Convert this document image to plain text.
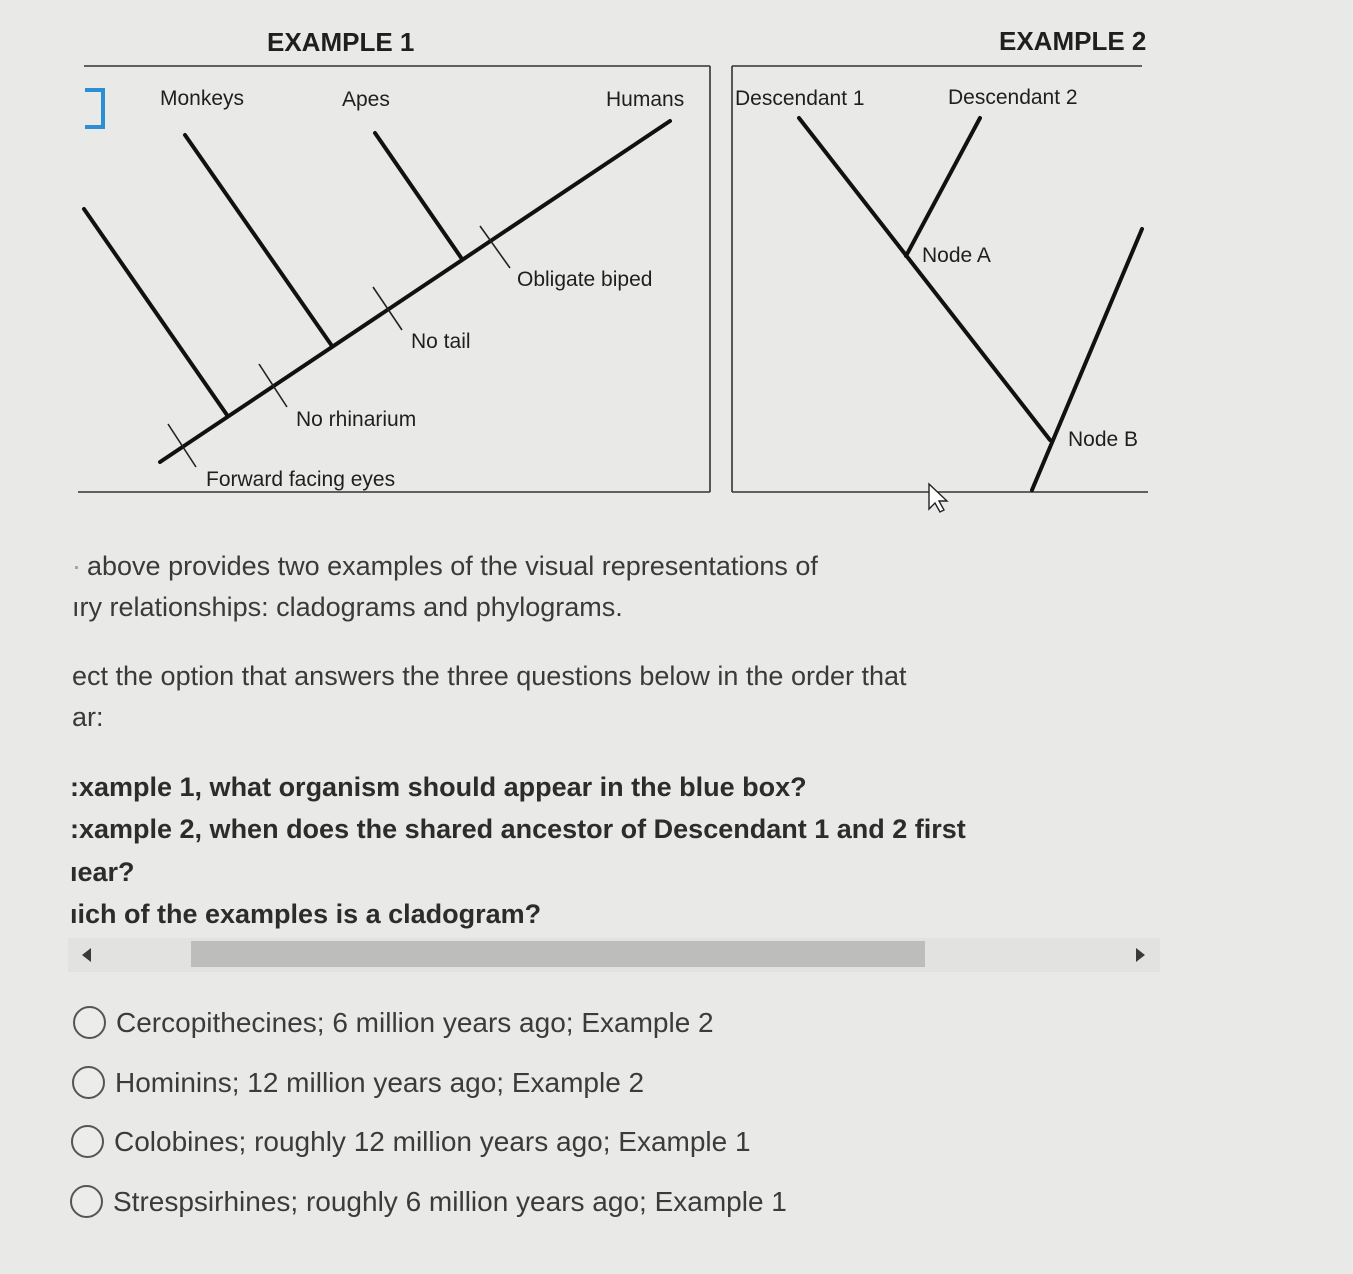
EXAMPLE 1	EXAMPLE 2
Monkeys	Apes	Humans
Obligate biped
No tail
No rhinarium
Forward facing eyes
Descendant 1	Descendant 2
Node A
Node B
· above provides two examples of the visual representations of
ıry relationships: cladograms and phylograms.
ect the option that answers the three questions below in the order that
ar:
:xample 1, what organism should appear in the blue box?
:xample 2, when does the shared ancestor of Descendant 1 and 2 first
ıear?
ıich of the examples is a cladogram?
Cercopithecines; 6 million years ago; Example 2
Hominins; 12 million years ago; Example 2
Colobines; roughly 12 million years ago; Example 1
Strespsirhines; roughly 6 million years ago; Example 1
